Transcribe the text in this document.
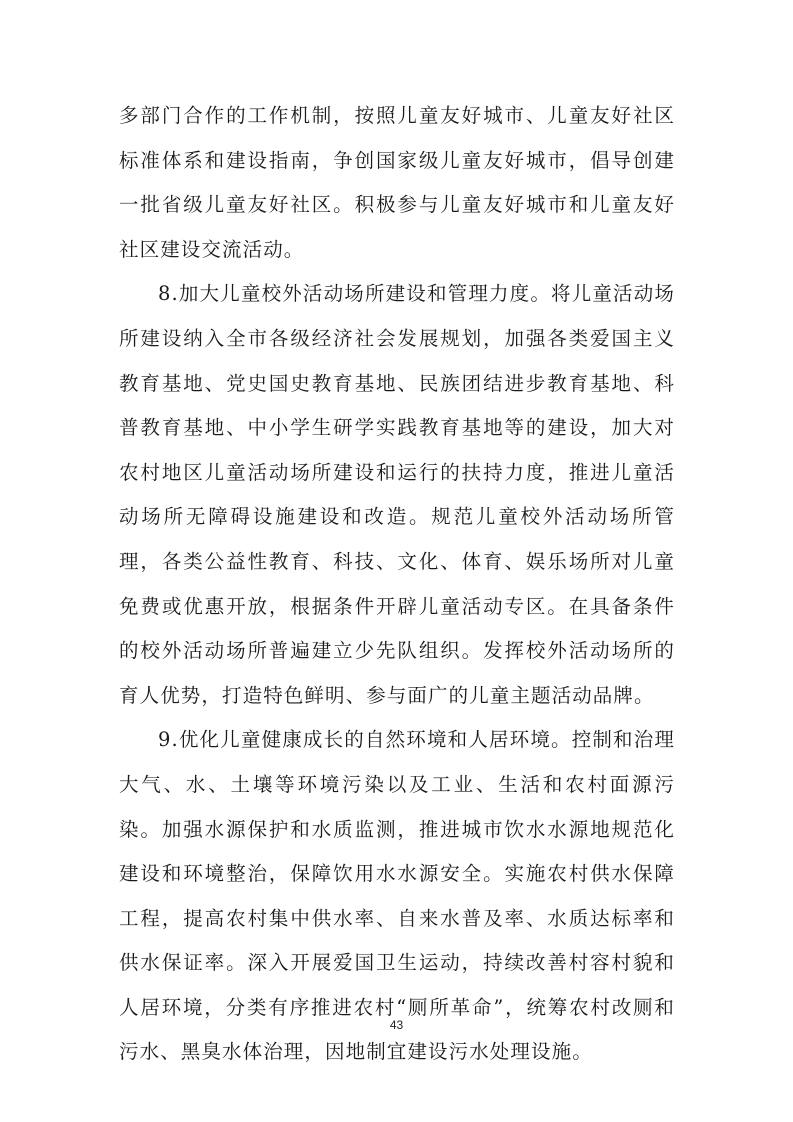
多部门合作的工作机制，按照儿童友好城市、儿童友好社区标准体系和建设指南，争创国家级儿童友好城市，倡导创建一批省级儿童友好社区。积极参与儿童友好城市和儿童友好社区建设交流活动。

8.加大儿童校外活动场所建设和管理力度。将儿童活动场所建设纳入全市各级经济社会发展规划，加强各类爱国主义教育基地、党史国史教育基地、民族团结进步教育基地、科普教育基地、中小学生研学实践教育基地等的建设，加大对农村地区儿童活动场所建设和运行的扶持力度，推进儿童活动场所无障碍设施建设和改造。规范儿童校外活动场所管理，各类公益性教育、科技、文化、体育、娱乐场所对儿童免费或优惠开放，根据条件开辟儿童活动专区。在具备条件的校外活动场所普遍建立少先队组织。发挥校外活动场所的育人优势，打造特色鲜明、参与面广的儿童主题活动品牌。

9.优化儿童健康成长的自然环境和人居环境。控制和治理大气、水、土壤等环境污染以及工业、生活和农村面源污染。加强水源保护和水质监测，推进城市饮水水源地规范化建设和环境整治，保障饮用水水源安全。实施农村供水保障工程，提高农村集中供水率、自来水普及率、水质达标率和供水保证率。深入开展爱国卫生运动，持续改善村容村貌和人居环境，分类有序推进农村“厕所革命”，统筹农村改厕和污水、黑臭水体治理，因地制宜建设污水处理设施。

43
